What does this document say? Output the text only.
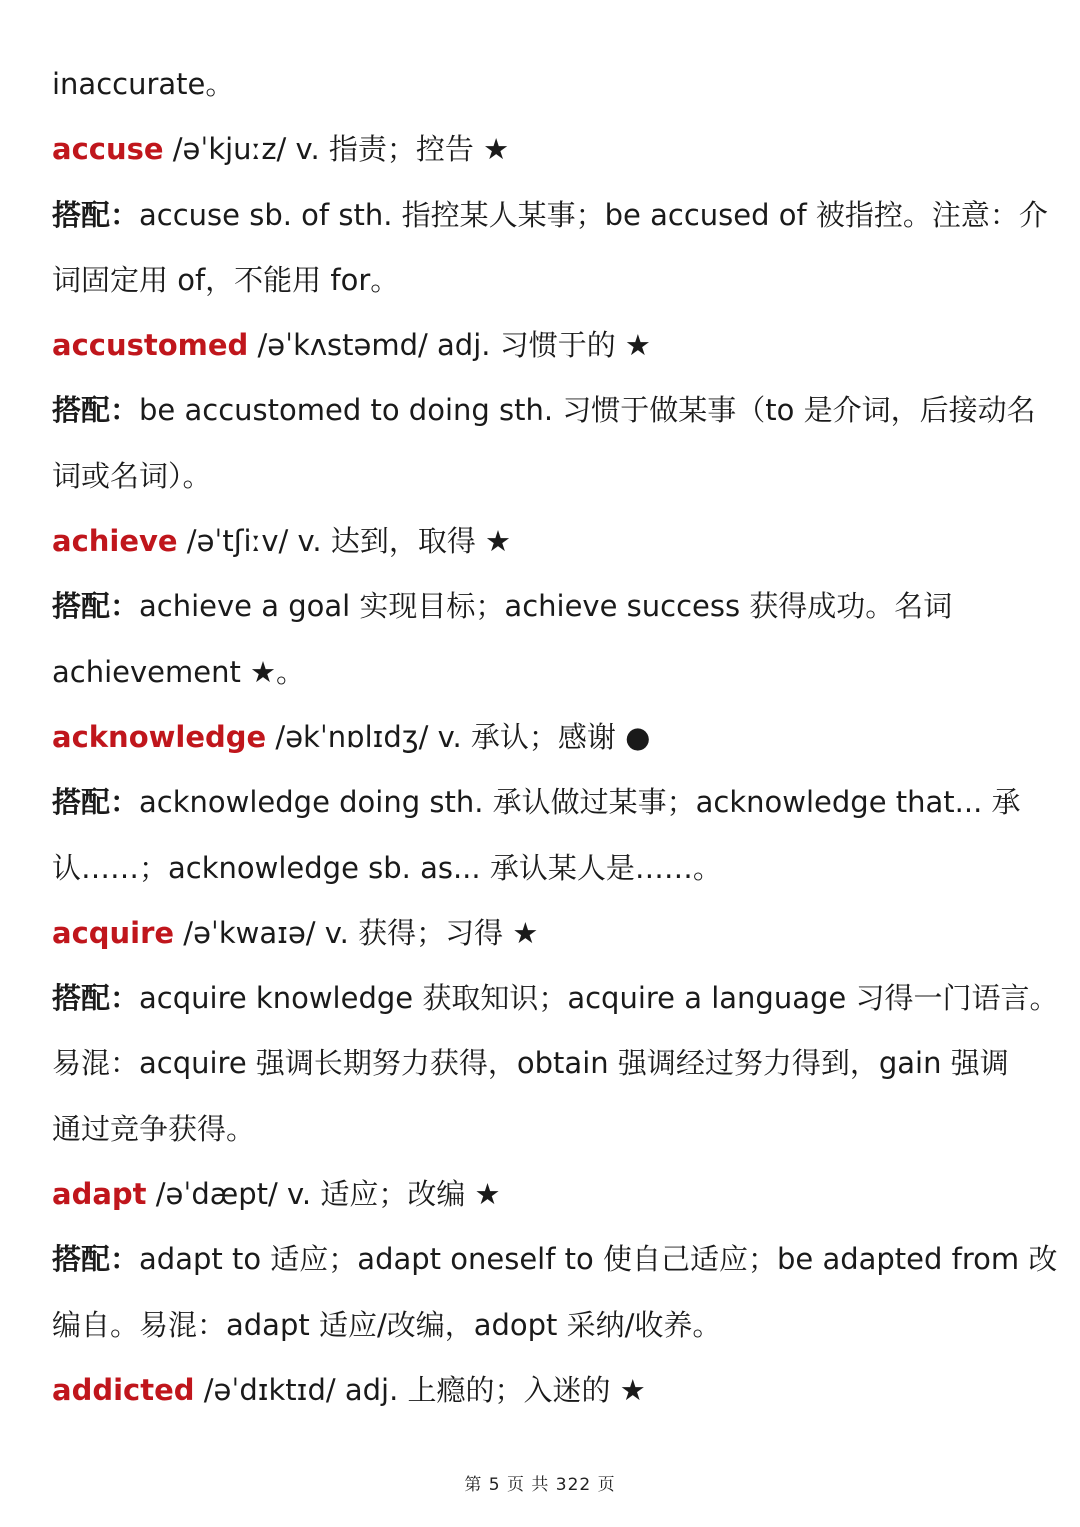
inaccurate。
accuse /əˈkjuːz/ v. 指责；控告 ★
搭配：accuse sb. of sth. 指控某人某事；be accused of 被指控。注意：介
词固定用 of，不能用 for。
accustomed /əˈkʌstəmd/ adj. 习惯于的 ★
搭配：be accustomed to doing sth. 习惯于做某事（to 是介词，后接动名
词或名词）。
achieve /əˈtʃiːv/ v. 达到，取得 ★
搭配：achieve a goal 实现目标；achieve success 获得成功。名词
achievement ★。
acknowledge /əkˈnɒlɪdʒ/ v. 承认；感谢 ●
搭配：acknowledge doing sth. 承认做过某事；acknowledge that... 承
认……；acknowledge sb. as... 承认某人是……。
acquire /əˈkwaɪə/ v. 获得；习得 ★
搭配：acquire knowledge 获取知识；acquire a language 习得一门语言。
易混：acquire 强调长期努力获得，obtain 强调经过努力得到，gain 强调
通过竞争获得。
adapt /əˈdæpt/ v. 适应；改编 ★
搭配：adapt to 适应；adapt oneself to 使自己适应；be adapted from 改
编自。易混：adapt 适应/改编，adopt 采纳/收养。
addicted /əˈdɪktɪd/ adj. 上瘾的；入迷的 ★
第 5 页 共 322 页
